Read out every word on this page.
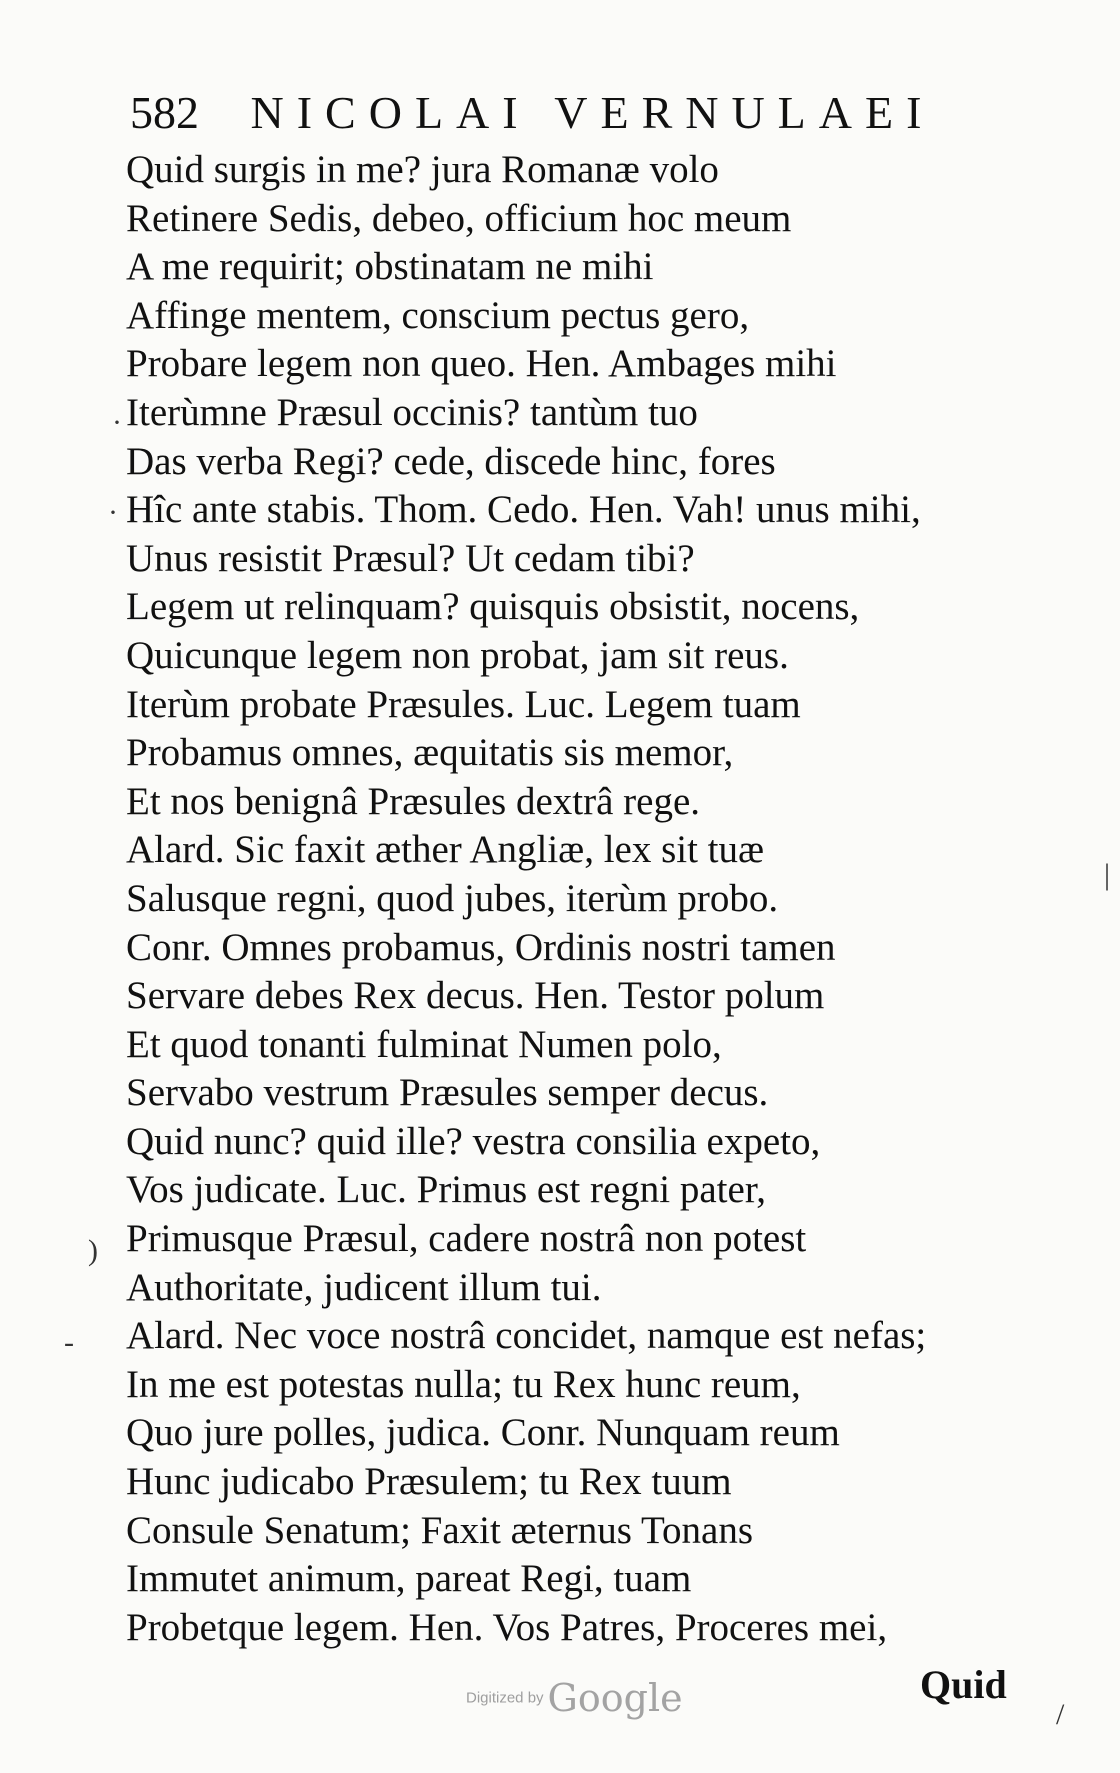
582 NICOLAI VERNULAEI
Quid surgis in me? jura Romanæ volo
Retinere Sedis, debeo, officium hoc meum
A me requirit; obstinatam ne mihi
Affinge mentem, conscium pectus gero,
Probare legem non queo. Hen. Ambages mihi
Iterùmne Præsul occinis? tantùm tuo
Das verba Regi? cede, discede hinc, fores
Hîc ante stabis. Thom. Cedo. Hen. Vah! unus mihi,
Unus resistit Præsul? Ut cedam tibi?
Legem ut relinquam? quisquis obsistit, nocens,
Quicunque legem non probat, jam sit reus.
Iterùm probate Præsules. Luc. Legem tuam
Probamus omnes, æquitatis sis memor,
Et nos benignâ Præsules dextrâ rege.
Alard. Sic faxit æther Angliæ, lex sit tuæ
Salusque regni, quod jubes, iterùm probo.
Conr. Omnes probamus, Ordinis nostri tamen
Servare debes Rex decus. Hen. Testor polum
Et quod tonanti fulminat Numen polo,
Servabo vestrum Præsules semper decus.
Quid nunc? quid ille? vestra consilia expeto,
Vos judicate. Luc. Primus est regni pater,
Primusque Præsul, cadere nostrâ non potest
Authoritate, judicent illum tui.
Alard. Nec voce nostrâ concidet, namque est nefas;
In me est potestas nulla; tu Rex hunc reum,
Quo jure polles, judica. Conr. Nunquam reum
Hunc judicabo Præsulem; tu Rex tuum
Consule Senatum; Faxit æternus Tonans
Immutet animum, pareat Regi, tuam
Probetque legem. Hen. Vos Patres, Proceres mei,
Quid
Digitized by Google
·
·
)
-
/
|
